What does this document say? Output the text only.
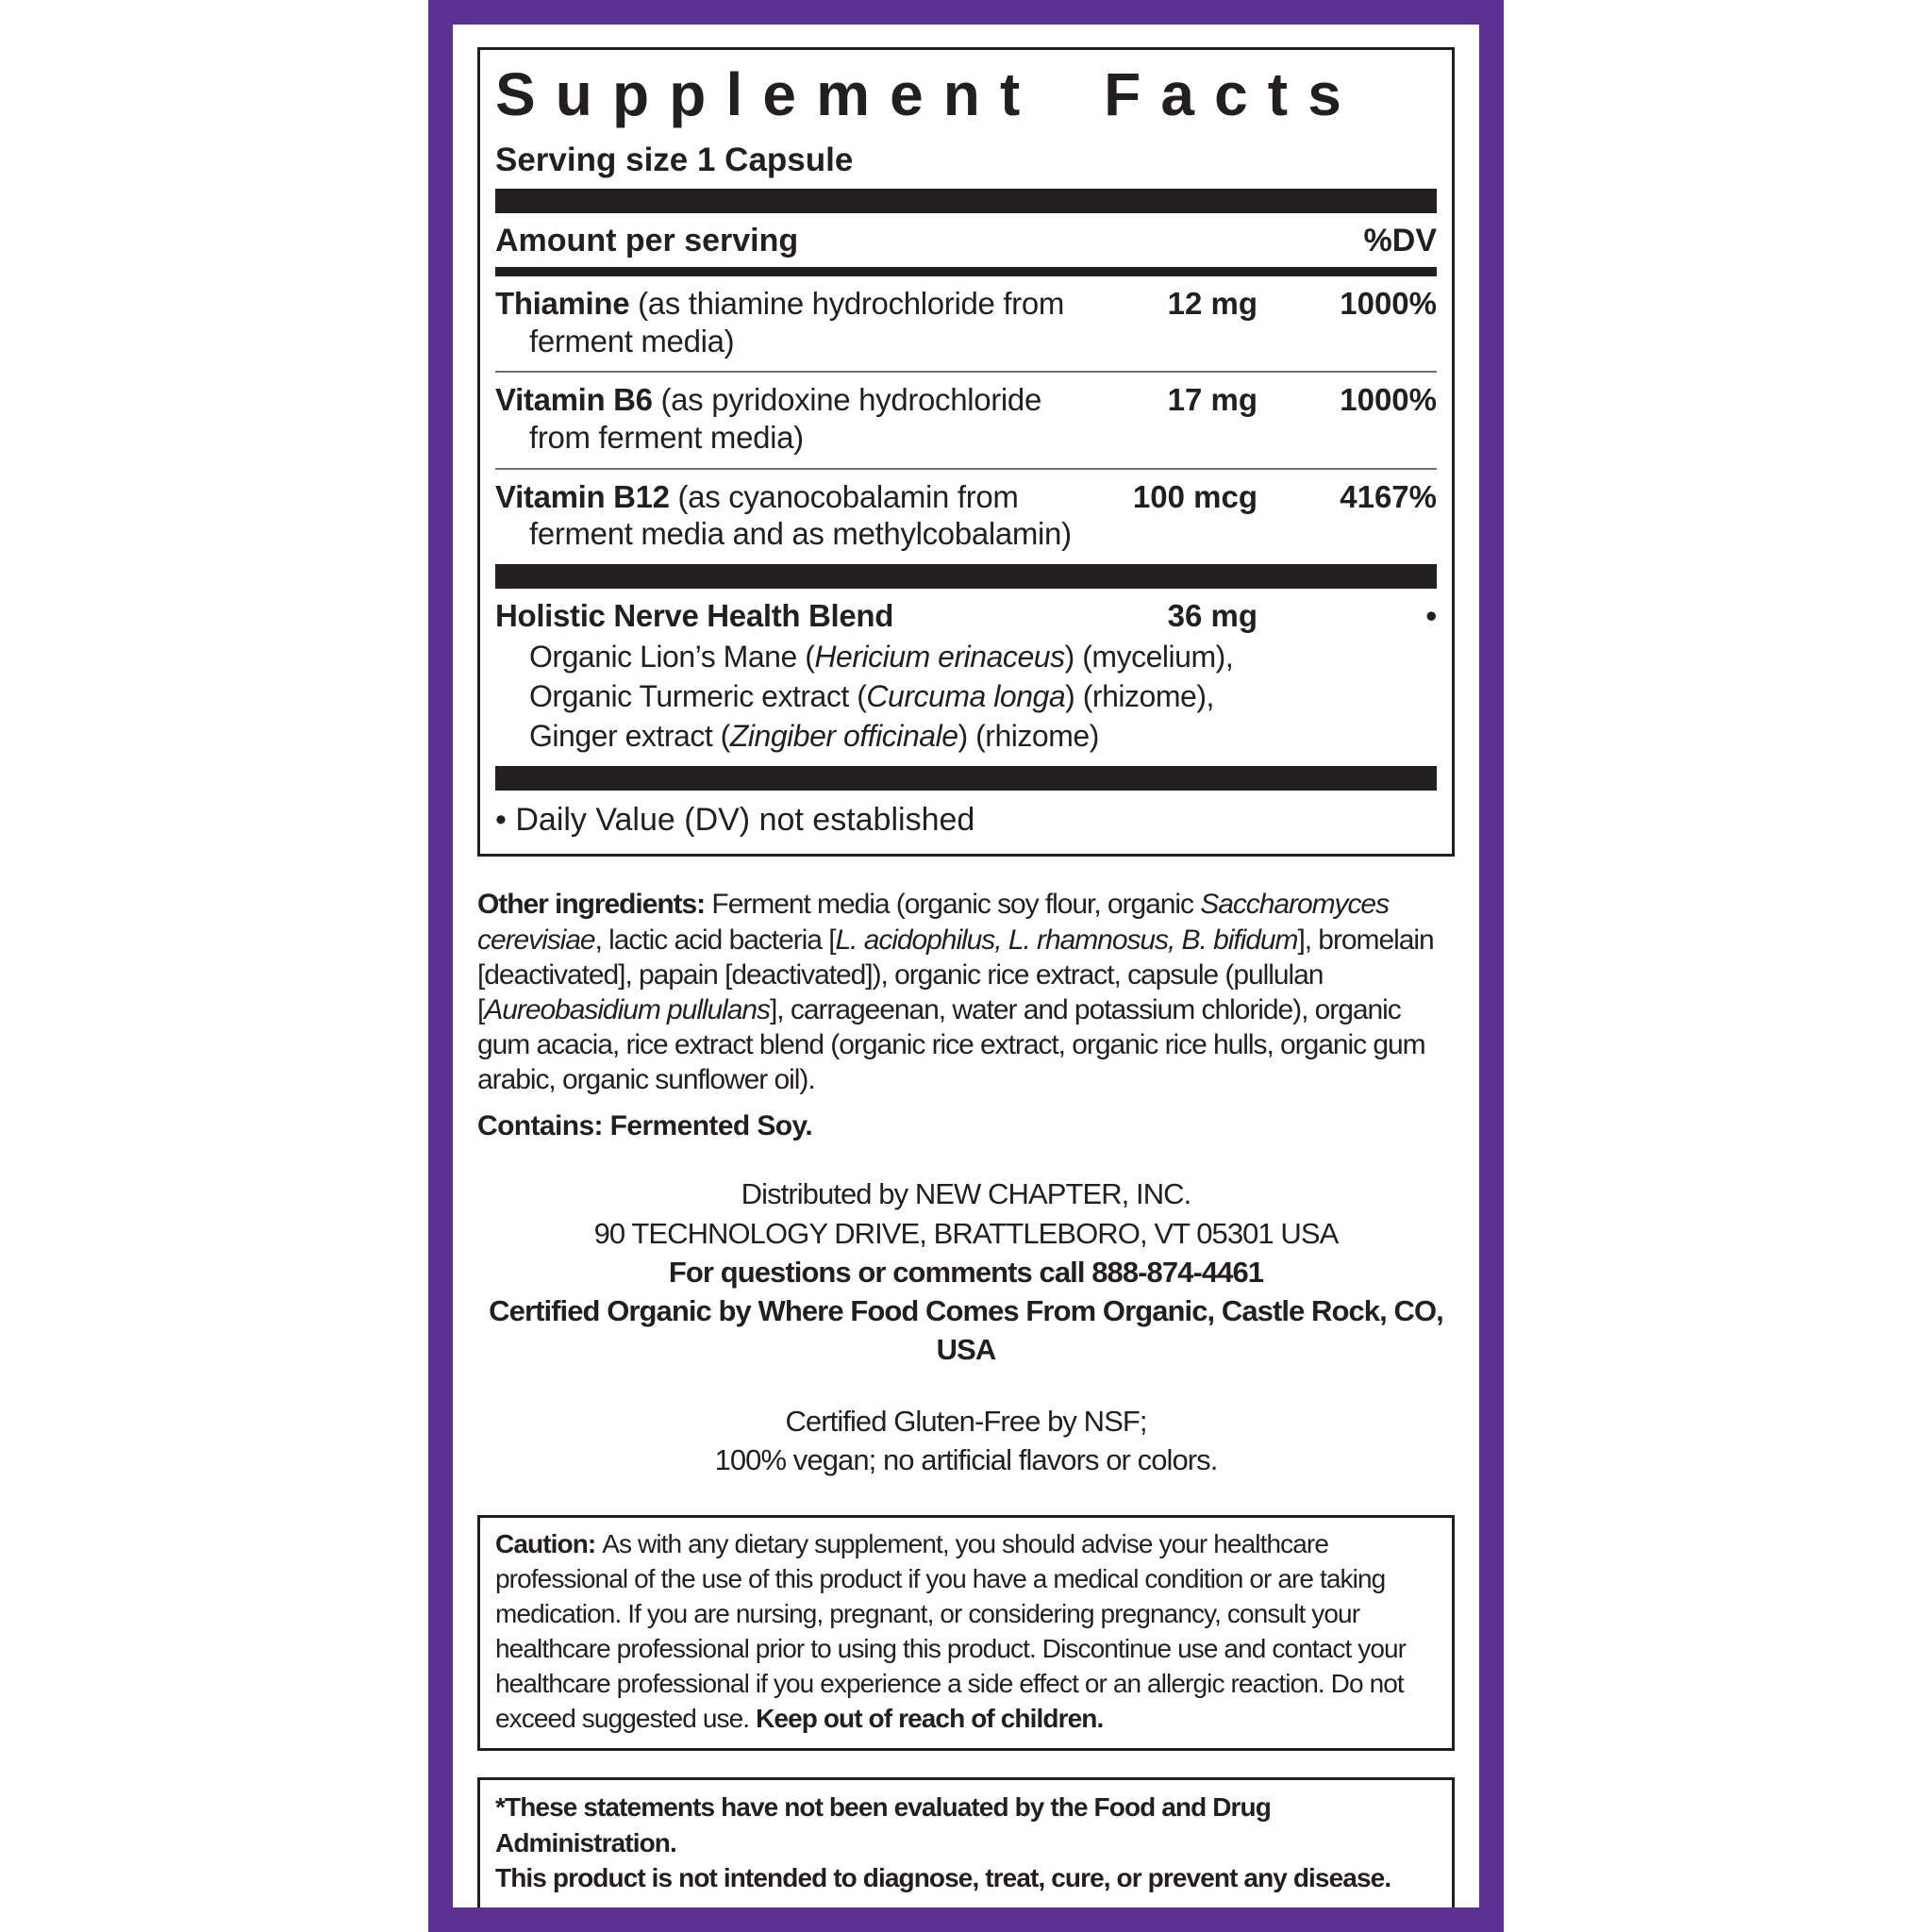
Supplement Facts
Serving size 1 Capsule
Amount per serving	%DV
Thiamine (as thiamine hydrochloride from ferment media)
12 mg	1000%
Vitamin B6 (as pyridoxine hydrochloride from ferment media)
17 mg	1000%
Vitamin B12 (as cyanocobalamin from ferment media and as methylcobalamin)
100 mcg	4167%
Holistic Nerve Health Blend	36 mg	•
Organic Lion’s Mane (Hericium erinaceus) (mycelium),
Organic Turmeric extract (Curcuma longa) (rhizome),
Ginger extract (Zingiber officinale) (rhizome)
• Daily Value (DV) not established
Other ingredients: Ferment media (organic soy flour, organic Saccharomyces cerevisiae, lactic acid bacteria [L. acidophilus, L. rhamnosus, B. bifidum], bromelain [deactivated], papain [deactivated]), organic rice extract, capsule (pullulan [Aureobasidium pullulans], carrageenan, water and potassium chloride), organic gum acacia, rice extract blend (organic rice extract, organic rice hulls, organic gum arabic, organic sunflower oil).
Contains: Fermented Soy.
Distributed by NEW CHAPTER, INC.
90 TECHNOLOGY DRIVE, BRATTLEBORO, VT 05301 USA
For questions or comments call 888-874-4461
Certified Organic by Where Food Comes From Organic, Castle Rock, CO, USA
Certified Gluten-Free by NSF;
100% vegan; no artificial flavors or colors.
Caution: As with any dietary supplement, you should advise your healthcare professional of the use of this product if you have a medical condition or are taking medication. If you are nursing, pregnant, or considering pregnancy, consult your healthcare professional prior to using this product. Discontinue use and contact your healthcare professional if you experience a side effect or an allergic reaction. Do not exceed suggested use. Keep out of reach of children.
*These statements have not been evaluated by the Food and Drug Administration.
This product is not intended to diagnose, treat, cure, or prevent any disease.
